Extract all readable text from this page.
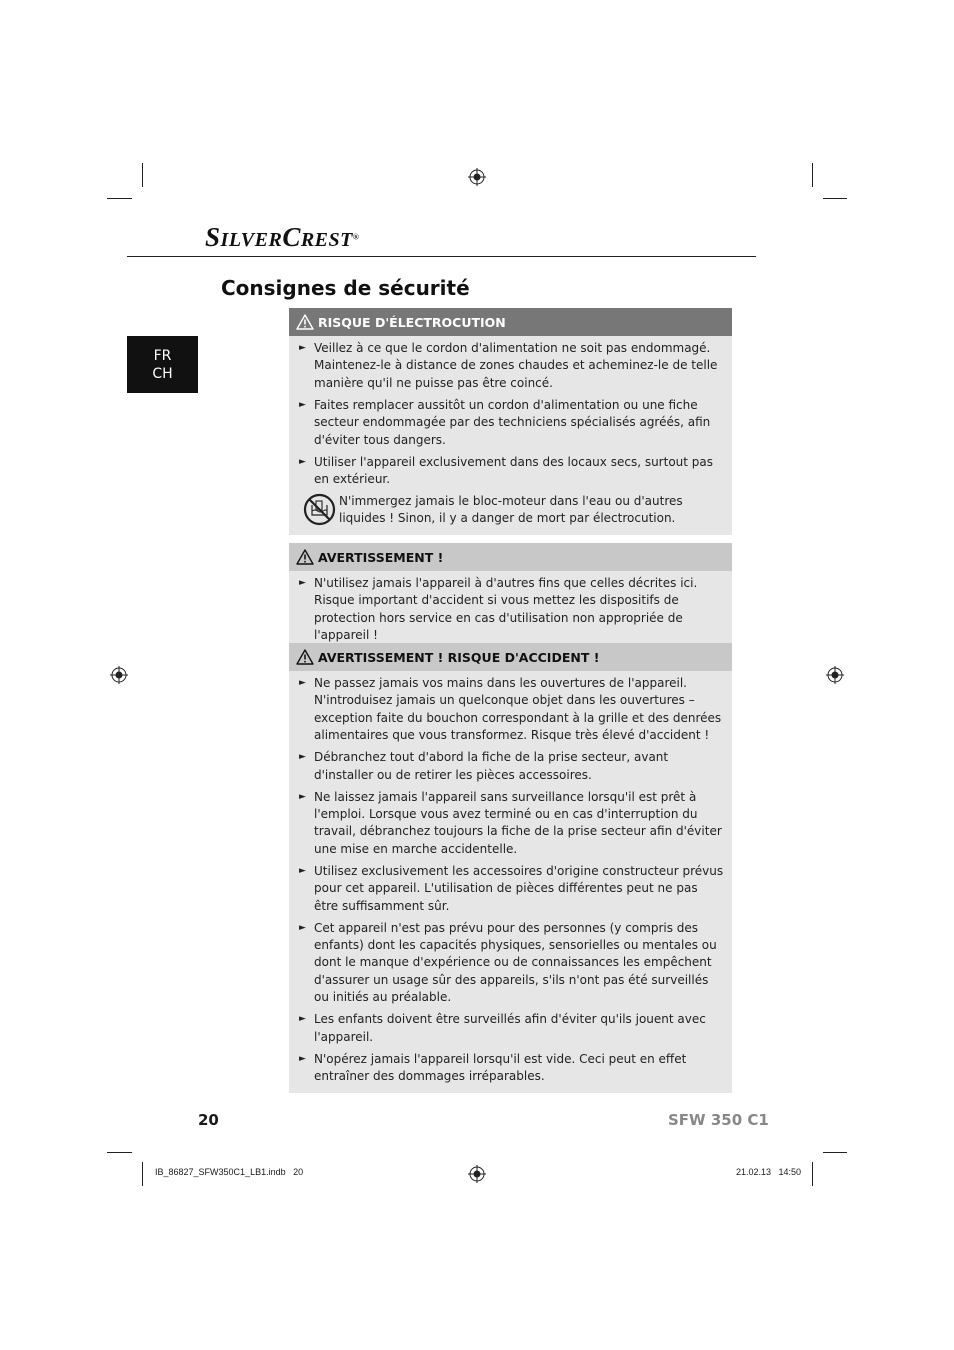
SILVERCREST®
Consignes de sécurité
FR
CH
RISQUE D'ÉLECTROCUTION
► Veillez à ce que le cordon d'alimentation ne soit pas endommagé. Maintenez-le à distance de zones chaudes et acheminez-le de telle manière qu'il ne puisse pas être coincé.
► Faites remplacer aussitôt un cordon d'alimentation ou une fiche secteur endommagée par des techniciens spécialisés agréés, afin d'éviter tous dangers.
► Utiliser l'appareil exclusivement dans des locaux secs, surtout pas en extérieur.
N'immergez jamais le bloc-moteur dans l'eau ou d'autres liquides ! Sinon, il y a danger de mort par électrocution.
AVERTISSEMENT !
► N'utilisez jamais l'appareil à d'autres fins que celles décrites ici. Risque important d'accident si vous mettez les dispositifs de protection hors service en cas d'utilisation non appropriée de l'appareil !
AVERTISSEMENT ! RISQUE D'ACCIDENT !
► Ne passez jamais vos mains dans les ouvertures de l'appareil. N'introduisez jamais un quelconque objet dans les ouvertures – exception faite du bouchon correspondant à la grille et des denrées alimentaires que vous transformez. Risque très élevé d'accident !
► Débranchez tout d'abord la fiche de la prise secteur, avant d'installer ou de retirer les pièces accessoires.
► Ne laissez jamais l'appareil sans surveillance lorsqu'il est prêt à l'emploi. Lorsque vous avez terminé ou en cas d'interruption du travail, débranchez toujours la fiche de la prise secteur afin d'éviter une mise en marche accidentelle.
► Utilisez exclusivement les accessoires d'origine constructeur prévus pour cet appareil. L'utilisation de pièces différentes peut ne pas être suffisamment sûr.
► Cet appareil n'est pas prévu pour des personnes (y compris des enfants) dont les capacités physiques, sensorielles ou mentales ou dont le manque d'expérience ou de connaissances les empêchent d'assurer un usage sûr des appareils, s'ils n'ont pas été surveillés ou initiés au préalable.
► Les enfants doivent être surveillés afin d'éviter qu'ils jouent avec l'appareil.
► N'opérez jamais l'appareil lorsqu'il est vide. Ceci peut en effet entraîner des dommages irréparables.
20	SFW 350 C1
IB_86827_SFW350C1_LB1.indb   20	21.02.13   14:50
